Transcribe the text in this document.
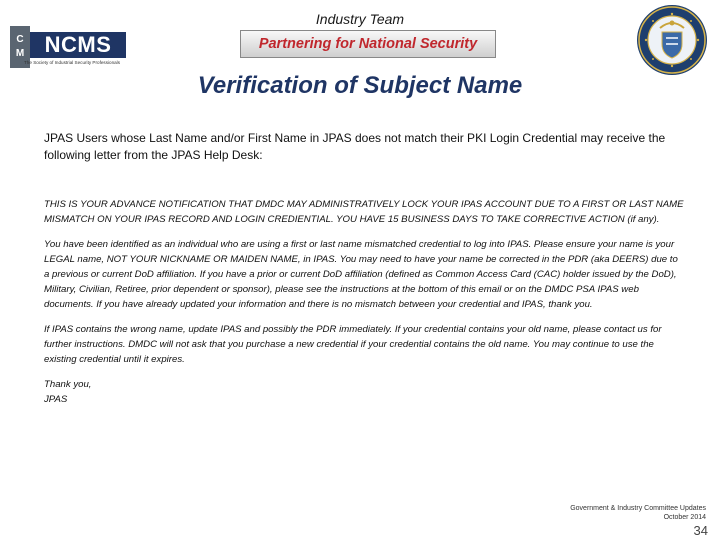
C
M NCMS
The Society of Industrial Security Professionals
Industry Team
Partnering for National Security
Verification of Subject Name
JPAS Users whose Last Name and/or First Name in JPAS does not match their PKI Login Credential may receive the following letter from the JPAS Help Desk:

THIS IS YOUR ADVANCE NOTIFICATION THAT DMDC MAY ADMINISTRATIVELY LOCK YOUR IPAS ACCOUNT DUE TO A FIRST OR LAST NAME MISMATCH ON YOUR IPAS RECORD AND LOGIN CREDIENTIAL. YOU HAVE 15 BUSINESS DAYS TO TAKE CORRECTIVE ACTION (if any).

You have been identified as an individual who are using a first or last name mismatched credential to log into IPAS. Please ensure your name is your LEGAL name, NOT YOUR NICKNAME OR MAIDEN NAME, in IPAS. You may need to have your name be corrected in the PDR (aka DEERS) due to a previous or current DoD affiliation. If you have a prior or current DoD affiliation (defined as Common Access Card (CAC) holder issued by the DoD), Military, Civilian, Retiree, prior dependent or sponsor), please see the instructions at the bottom of this email or on the DMDC PSA IPAS web documents. If you have already updated your information and there is no mismatch between your credential and IPAS, thank you.

If IPAS contains the wrong name, update IPAS and possibly the PDR immediately. If your credential contains your old name, please contact us for further instructions. DMDC will not ask that you purchase a new credential if your credential contains the old name. You may continue to use the existing credential until it expires.

Thank you,

JPAS

Government & Industry Committee Updates
October 2014
34
